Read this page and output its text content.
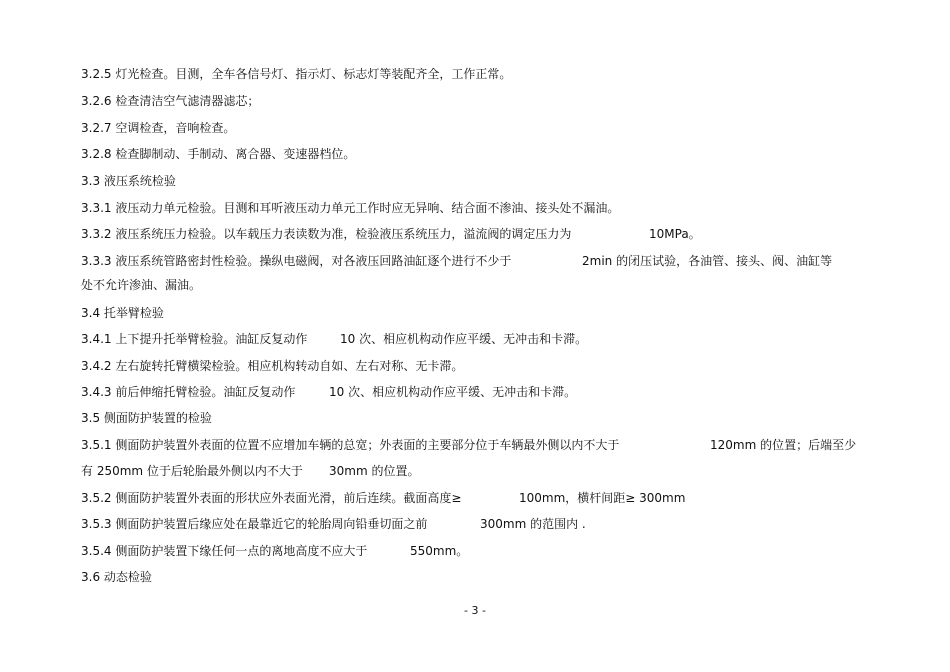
3.2.5 灯光检查。目测，全车各信号灯、指示灯、标志灯等装配齐全，工作正常。
3.2.6 检查清洁空气滤清器滤芯；
3.2.7 空调检查，音响检查。
3.2.8 检查脚制动、手制动、离合器、变速器档位。
3.3 液压系统检验
3.3.1 液压动力单元检验。目测和耳听液压动力单元工作时应无异响、结合面不渗油、接头处不漏油。
3.3.2 液压系统压力检验。以车载压力表读数为准，检验液压系统压力，溢流阀的调定压力为	10MPa。
3.3.3 液压系统管路密封性检验。操纵电磁阀，对各液压回路油缸逐个进行不少于	2min 的闭压试验，各油管、接头、阀、油缸等
处不允许渗油、漏油。
3.4 托举臂检验
3.4.1 上下提升托举臂检验。油缸反复动作	10 次、相应机构动作应平缓、无冲击和卡滞。
3.4.2 左右旋转托臂横梁检验。相应机构转动自如、左右对称、无卡滞。
3.4.3 前后伸缩托臂检验。油缸反复动作	10 次、相应机构动作应平缓、无冲击和卡滞。
3.5 侧面防护装置的检验
3.5.1 侧面防护装置外表面的位置不应增加车辆的总宽；外表面的主要部分位于车辆最外侧以内不大于	120mm 的位置；后端至少
有 250mm 位于后轮胎最外侧以内不大于 30mm 的位置。
3.5.2 侧面防护装置外表面的形状应外表面光滑，前后连续。截面高度≥	100mm，横杆间距≥ 300mm
3.5.3 侧面防护装置后缘应处在最靠近它的轮胎周向铅垂切面之前	300mm 的范围内 .
3.5.4 侧面防护装置下缘任何一点的离地高度不应大于	550mm。
3.6 动态检验
- 3 -
